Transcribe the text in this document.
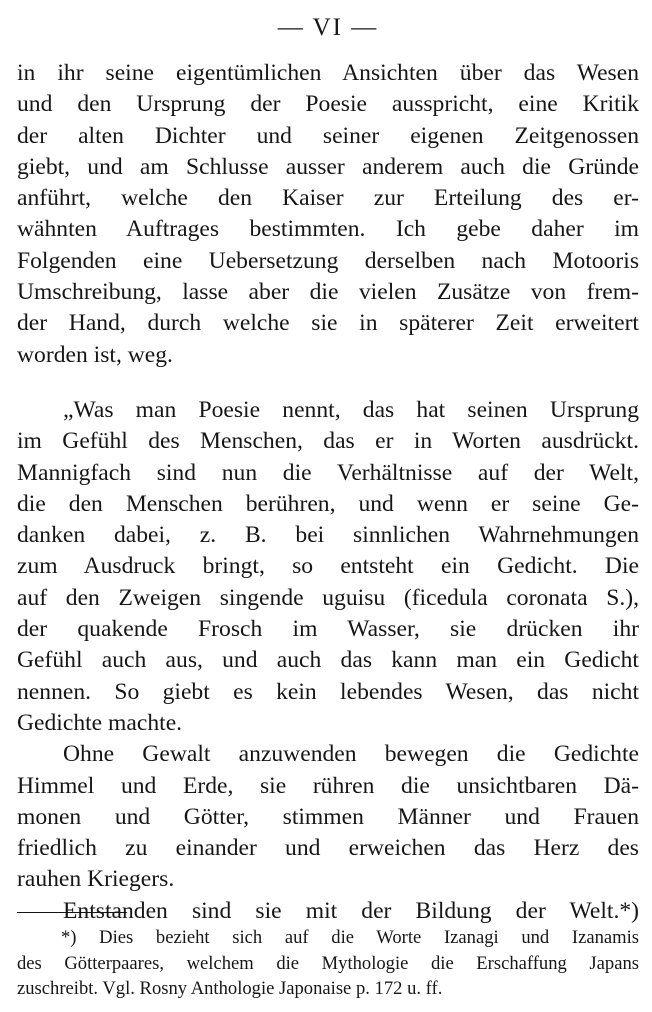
— VI —
in ihr seine eigentümlichen Ansichten über das Wesen
und den Ursprung der Poesie ausspricht, eine Kritik
der alten Dichter und seiner eigenen Zeitgenossen
giebt, und am Schlusse ausser anderem auch die Gründe
anführt, welche den Kaiser zur Erteilung des er-
wähnten Auftrages bestimmten. Ich gebe daher im
Folgenden eine Uebersetzung derselben nach Motooris
Umschreibung, lasse aber die vielen Zusätze von frem-
der Hand, durch welche sie in späterer Zeit erweitert
worden ist, weg.
„Was man Poesie nennt, das hat seinen Ursprung
im Gefühl des Menschen, das er in Worten ausdrückt.
Mannigfach sind nun die Verhältnisse auf der Welt,
die den Menschen berühren, und wenn er seine Ge-
danken dabei, z. B. bei sinnlichen Wahrnehmungen
zum Ausdruck bringt, so entsteht ein Gedicht. Die
auf den Zweigen singende uguisu (ficedula coronata S.),
der quakende Frosch im Wasser, sie drücken ihr
Gefühl auch aus, und auch das kann man ein Gedicht
nennen. So giebt es kein lebendes Wesen, das nicht
Gedichte machte.
Ohne Gewalt anzuwenden bewegen die Gedichte
Himmel und Erde, sie rühren die unsichtbaren Dä-
monen und Götter, stimmen Männer und Frauen
friedlich zu einander und erweichen das Herz des
rauhen Kriegers.
Entstanden sind sie mit der Bildung der Welt.*)
*) Dies bezieht sich auf die Worte Izanagi und Izanamis
des Götterpaares, welchem die Mythologie die Erschaffung Japans
zuschreibt. Vgl. Rosny Anthologie Japonaise p. 172 u. ff.
